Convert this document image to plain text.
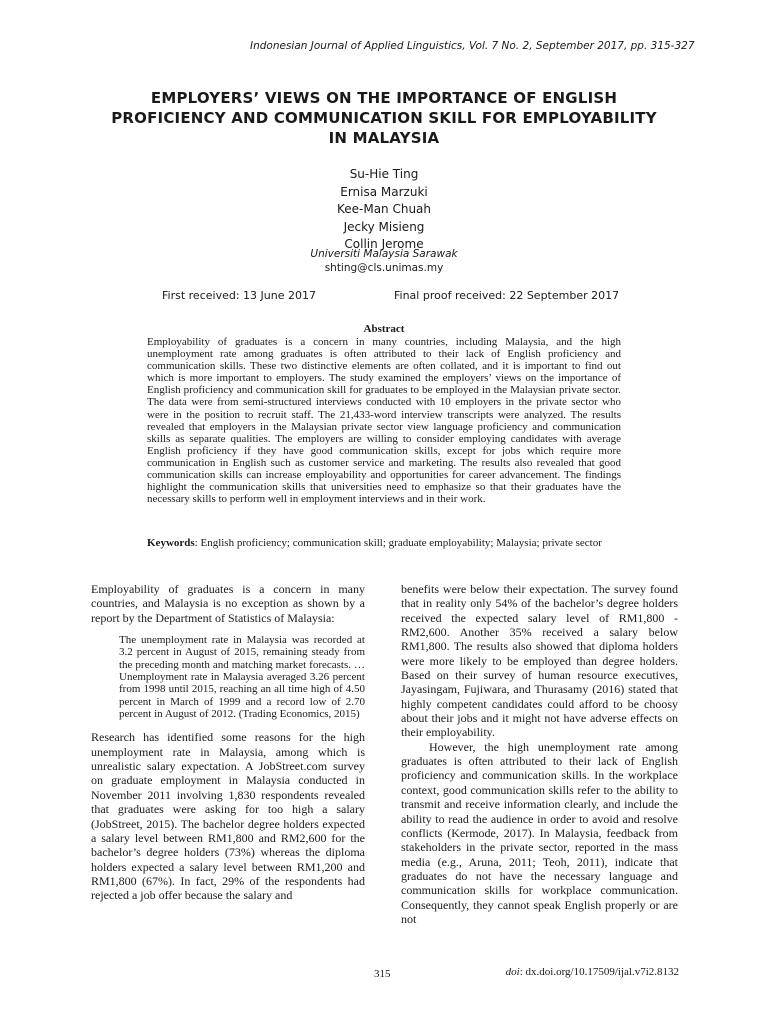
Indonesian Journal of Applied Linguistics, Vol. 7 No. 2, September 2017, pp. 315-327
EMPLOYERS’ VIEWS ON THE IMPORTANCE OF ENGLISH
PROFICIENCY AND COMMUNICATION SKILL FOR EMPLOYABILITY
IN MALAYSIA
Su-Hie Ting
Ernisa Marzuki
Kee-Man Chuah
Jecky Misieng
Collin Jerome
Universiti Malaysia Sarawak
shting@cls.unimas.my
First received: 13 June 2017	Final proof received: 22 September 2017
Abstract
Employability of graduates is a concern in many countries, including Malaysia, and the high unemployment rate among graduates is often attributed to their lack of English proficiency and communication skills. These two distinctive elements are often collated, and it is important to find out which is more important to employers. The study examined the employers’ views on the importance of English proficiency and communication skill for graduates to be employed in the Malaysian private sector. The data were from semi-structured interviews conducted with 10 employers in the private sector who were in the position to recruit staff. The 21,433-word interview transcripts were analyzed. The results revealed that employers in the Malaysian private sector view language proficiency and communication skills as separate qualities. The employers are willing to consider employing candidates with average English proficiency if they have good communication skills, except for jobs which require more communication in English such as customer service and marketing. The results also revealed that good communication skills can increase employability and opportunities for career advancement. The findings highlight the communication skills that universities need to emphasize so that their graduates have the necessary skills to perform well in employment interviews and in their work.
Keywords: English proficiency; communication skill; graduate employability; Malaysia; private sector

Employability of graduates is a concern in many countries, and Malaysia is no exception as shown by a report by the Department of Statistics of Malaysia:

The unemployment rate in Malaysia was recorded at 3.2 percent in August of 2015, remaining steady from the preceding month and matching market forecasts. … Unemployment rate in Malaysia averaged 3.26 percent from 1998 until 2015, reaching an all time high of 4.50 percent in March of 1999 and a record low of 2.70 percent in August of 2012. (Trading Economics, 2015)

Research has identified some reasons for the high unemployment rate in Malaysia, among which is unrealistic salary expectation. A JobStreet.com survey on graduate employment in Malaysia conducted in November 2011 involving 1,830 respondents revealed that graduates were asking for too high a salary (JobStreet, 2015). The bachelor degree holders expected a salary level between RM1,800 and RM2,600 for the bachelor’s degree holders (73%) whereas the diploma holders expected a salary level between RM1,200 and RM1,800 (67%). In fact, 29% of the respondents had rejected a job offer because the salary and

benefits were below their expectation. The survey found that in reality only 54% of the bachelor’s degree holders received the expected salary level of RM1,800 - RM2,600. Another 35% received a salary below RM1,800. The results also showed that diploma holders were more likely to be employed than degree holders. Based on their survey of human resource executives, Jayasingam, Fujiwara, and Thurasamy (2016) stated that highly competent candidates could afford to be choosy about their jobs and it might not have adverse effects on their employability.

However, the high unemployment rate among graduates is often attributed to their lack of English proficiency and communication skills. In the workplace context, good communication skills refer to the ability to transmit and receive information clearly, and include the ability to read the audience in order to avoid and resolve conflicts (Kermode, 2017). In Malaysia, feedback from stakeholders in the private sector, reported in the mass media (e.g., Aruna, 2011; Teoh, 2011), indicate that graduates do not have the necessary language and communication skills for workplace communication. Consequently, they cannot speak English properly or are not

315	doi: dx.doi.org/10.17509/ijal.v7i2.8132
